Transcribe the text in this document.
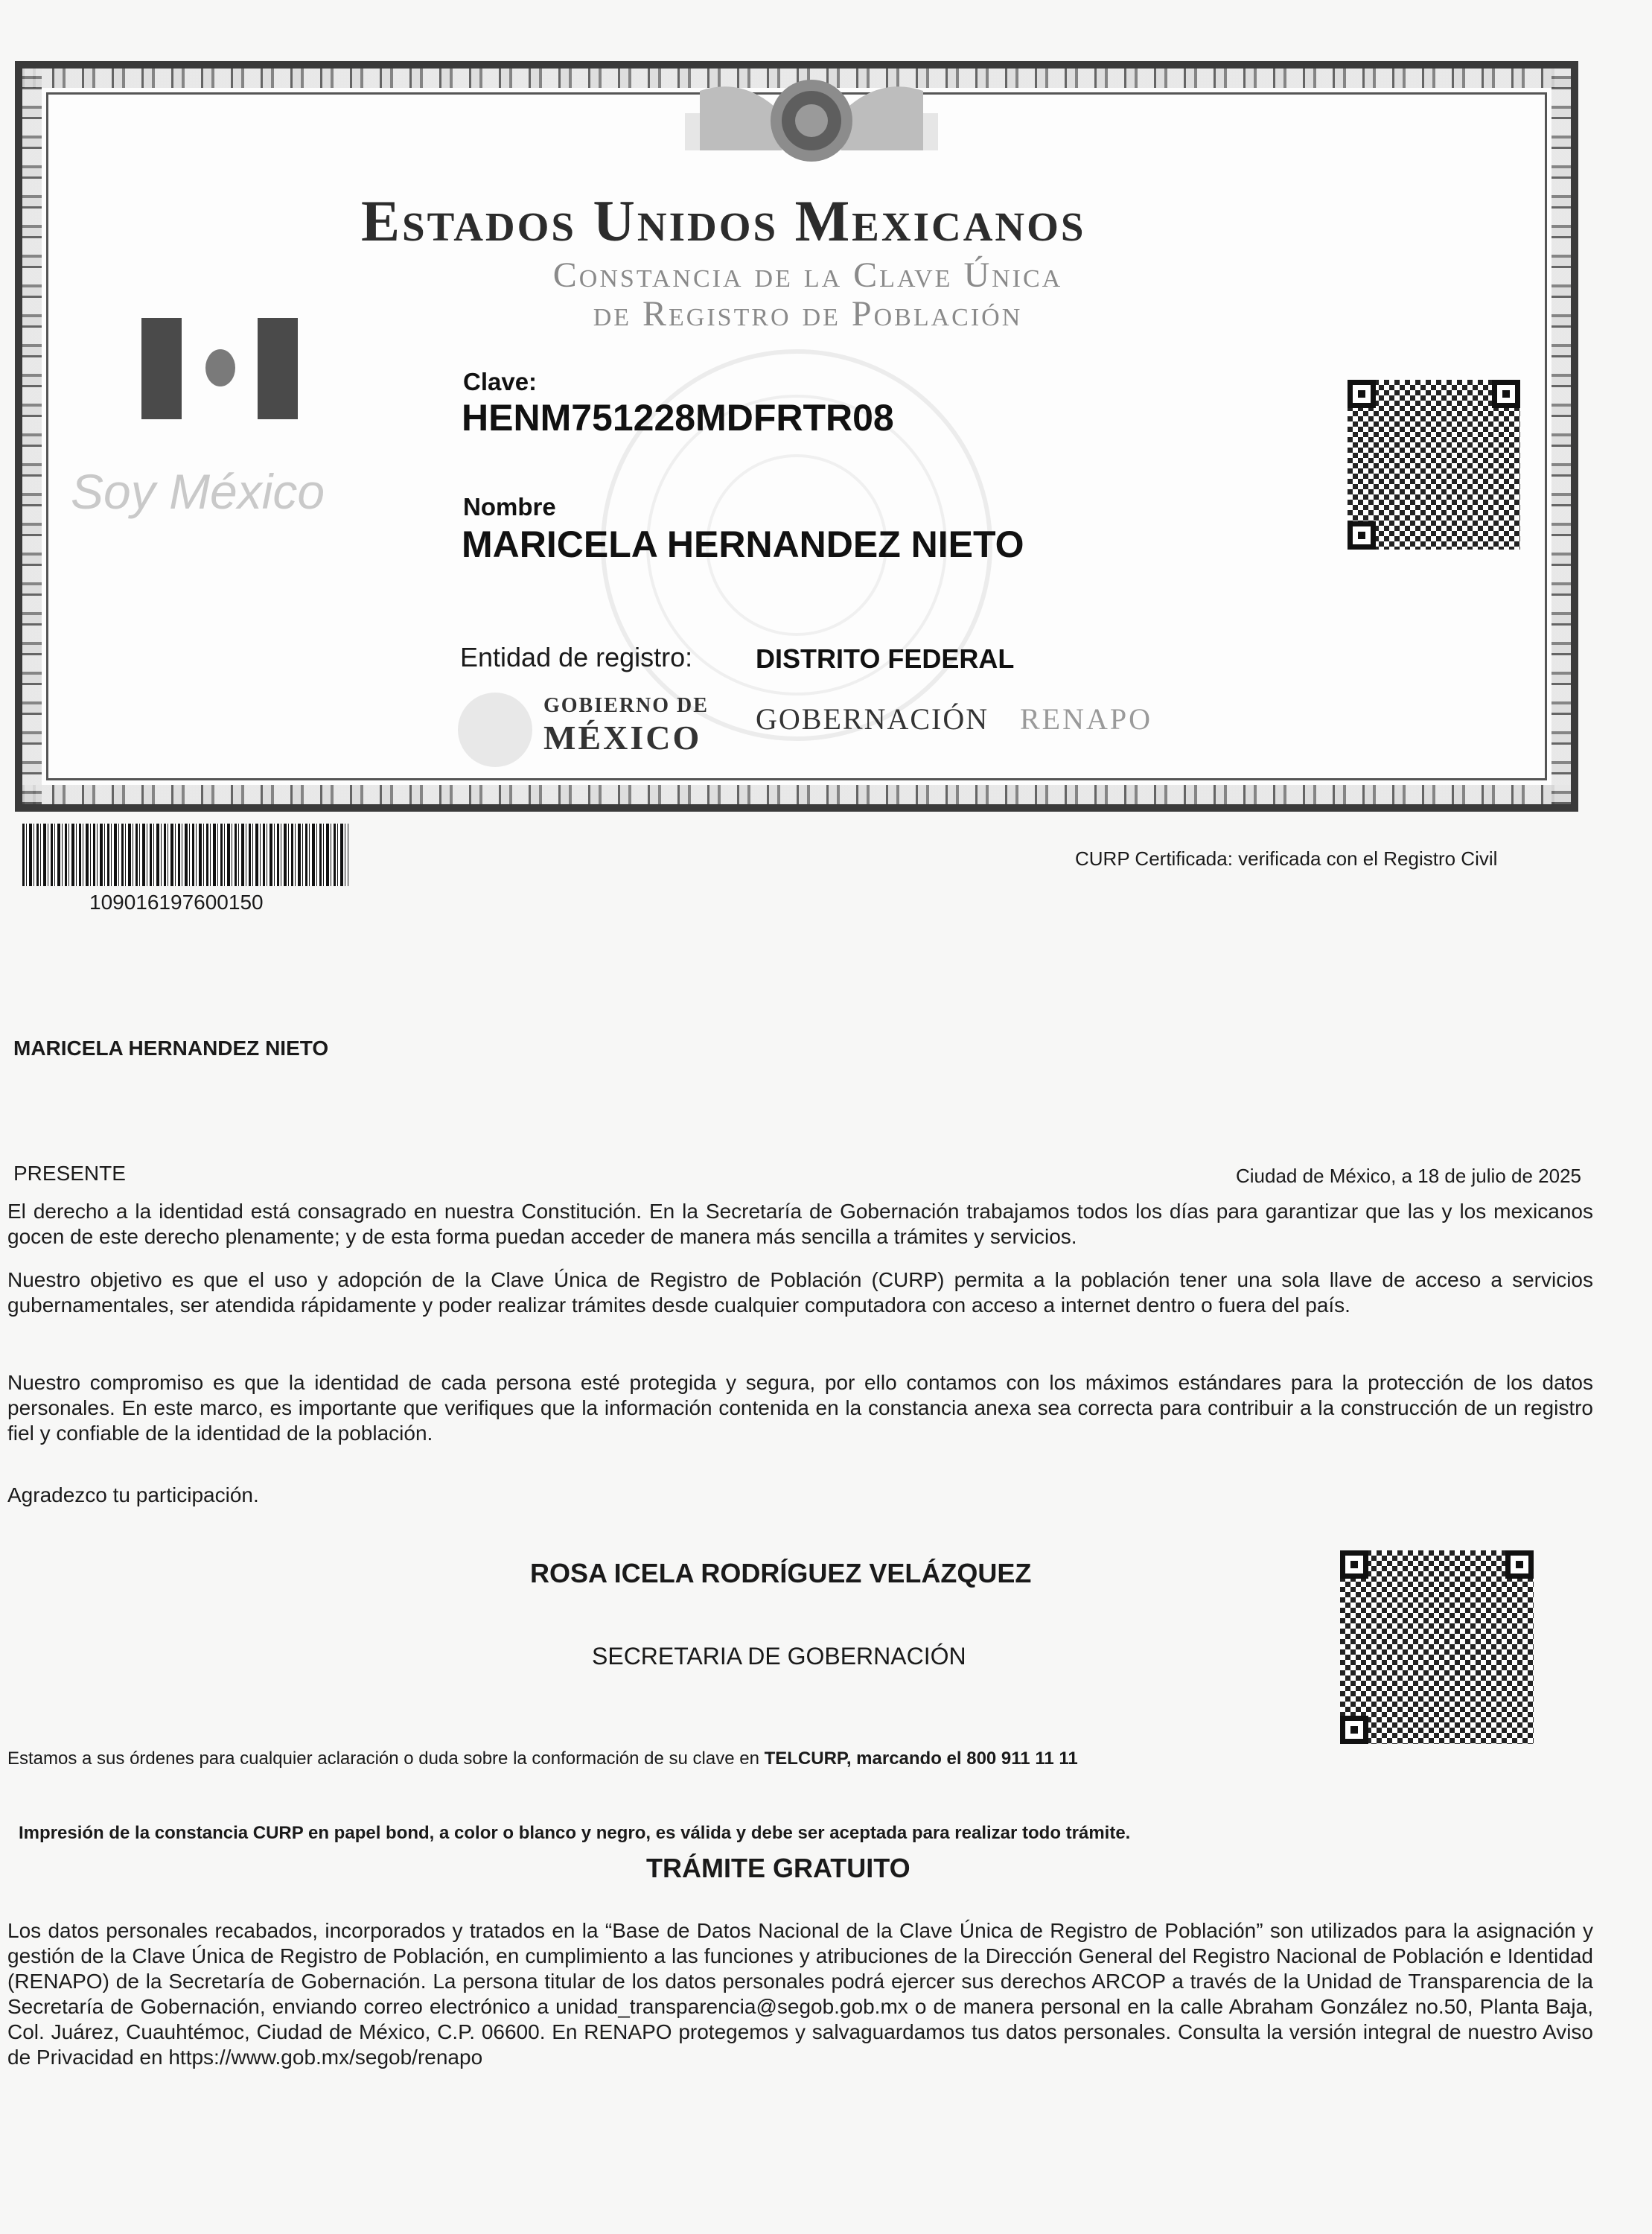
Estados Unidos Mexicanos
Constancia de la Clave Única
de Registro de Población
Soy México
Clave:
HENM751228MDFRTR08
Nombre
MARICELA HERNANDEZ NIETO
Entidad de registro: DISTRITO FEDERAL
GOBIERNO DE
MÉXICO GOBERNACIÓN RENAPO
109016197600150
CURP Certificada: verificada con el Registro Civil
MARICELA HERNANDEZ NIETO
PRESENTE	Ciudad de México, a 18 de julio de 2025
El derecho a la identidad está consagrado en nuestra Constitución. En la Secretaría de Gobernación trabajamos todos los días para garantizar que las y los mexicanos gocen de este derecho plenamente; y de esta forma puedan acceder de manera más sencilla a trámites y servicios.
Nuestro objetivo es que el uso y adopción de la Clave Única de Registro de Población (CURP) permita a la población tener una sola llave de acceso a servicios gubernamentales, ser atendida rápidamente y poder realizar trámites desde cualquier computadora con acceso a internet dentro o fuera del país.
Nuestro compromiso es que la identidad de cada persona esté protegida y segura, por ello contamos con los máximos estándares para la protección de los datos personales. En este marco, es importante que verifiques que la información contenida en la constancia anexa sea correcta para contribuir a la construcción de un registro fiel y confiable de la identidad de la población.
Agradezco tu participación.
ROSA ICELA RODRÍGUEZ VELÁZQUEZ
SECRETARIA DE GOBERNACIÓN
Estamos a sus órdenes para cualquier aclaración o duda sobre la conformación de su clave en TELCURP, marcando el 800 911 11 11
Impresión de la constancia CURP en papel bond, a color o blanco y negro, es válida y debe ser aceptada para realizar todo trámite.
TRÁMITE GRATUITO
Los datos personales recabados, incorporados y tratados en la “Base de Datos Nacional de la Clave Única de Registro de Población” son utilizados para la asignación y gestión de la Clave Única de Registro de Población, en cumplimiento a las funciones y atribuciones de la Dirección General del Registro Nacional de Población e Identidad (RENAPO) de la Secretaría de Gobernación. La persona titular de los datos personales podrá ejercer sus derechos ARCOP a través de la Unidad de Transparencia de la Secretaría de Gobernación, enviando correo electrónico a unidad_transparencia@segob.gob.mx o de manera personal en la calle Abraham González no.50, Planta Baja, Col. Juárez, Cuauhtémoc, Ciudad de México, C.P. 06600. En RENAPO protegemos y salvaguardamos tus datos personales. Consulta la versión integral de nuestro Aviso de Privacidad en https://www.gob.mx/segob/renapo
